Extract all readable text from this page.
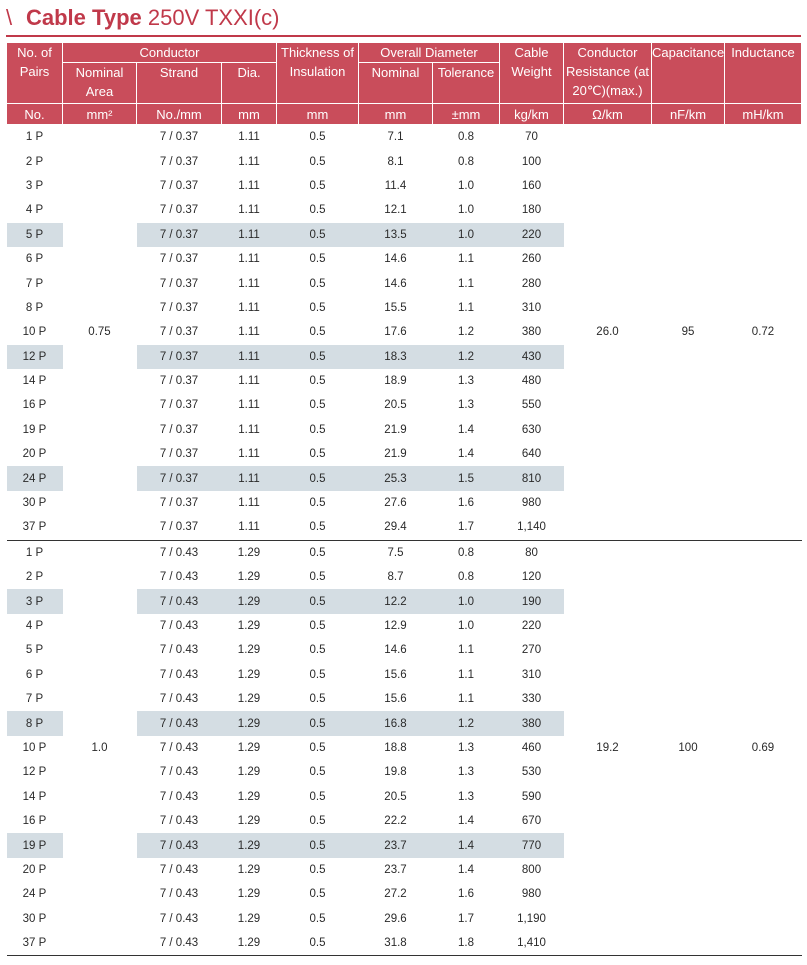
\ Cable Type 250V TXXI(c)
No. of Pairs	Conductor			Thickness of Insulation	Overall Diameter		Cable Weight	Conductor Resistance (at 20℃)(max.)	Capacitance	Inductance
	Nominal Area	Strand	Dia.		Nominal	Tolerance				
No.	mm²	No./mm	mm	mm	mm	±mm	kg/km	Ω/km	nF/km	mH/km
1 P		7 / 0.37	1.11	0.5	7.1	0.8	70			
2 P		7 / 0.37	1.11	0.5	8.1	0.8	100			
3 P		7 / 0.37	1.11	0.5	11.4	1.0	160			
4 P		7 / 0.37	1.11	0.5	12.1	1.0	180			
5 P		7 / 0.37	1.11	0.5	13.5	1.0	220			
6 P		7 / 0.37	1.11	0.5	14.6	1.1	260			
7 P		7 / 0.37	1.11	0.5	14.6	1.1	280			
8 P		7 / 0.37	1.11	0.5	15.5	1.1	310			
10 P	0.75	7 / 0.37	1.11	0.5	17.6	1.2	380	26.0	95	0.72
12 P		7 / 0.37	1.11	0.5	18.3	1.2	430			
14 P		7 / 0.37	1.11	0.5	18.9	1.3	480			
16 P		7 / 0.37	1.11	0.5	20.5	1.3	550			
19 P		7 / 0.37	1.11	0.5	21.9	1.4	630			
20 P		7 / 0.37	1.11	0.5	21.9	1.4	640			
24 P		7 / 0.37	1.11	0.5	25.3	1.5	810			
30 P		7 / 0.37	1.11	0.5	27.6	1.6	980			
37 P		7 / 0.37	1.11	0.5	29.4	1.7	1,140			
1 P		7 / 0.43	1.29	0.5	7.5	0.8	80			
2 P		7 / 0.43	1.29	0.5	8.7	0.8	120			
3 P		7 / 0.43	1.29	0.5	12.2	1.0	190			
4 P		7 / 0.43	1.29	0.5	12.9	1.0	220			
5 P		7 / 0.43	1.29	0.5	14.6	1.1	270			
6 P		7 / 0.43	1.29	0.5	15.6	1.1	310			
7 P		7 / 0.43	1.29	0.5	15.6	1.1	330			
8 P		7 / 0.43	1.29	0.5	16.8	1.2	380			
10 P	1.0	7 / 0.43	1.29	0.5	18.8	1.3	460	19.2	100	0.69
12 P		7 / 0.43	1.29	0.5	19.8	1.3	530			
14 P		7 / 0.43	1.29	0.5	20.5	1.3	590			
16 P		7 / 0.43	1.29	0.5	22.2	1.4	670			
19 P		7 / 0.43	1.29	0.5	23.7	1.4	770			
20 P		7 / 0.43	1.29	0.5	23.7	1.4	800			
24 P		7 / 0.43	1.29	0.5	27.2	1.6	980			
30 P		7 / 0.43	1.29	0.5	29.6	1.7	1,190			
37 P		7 / 0.43	1.29	0.5	31.8	1.8	1,410			
